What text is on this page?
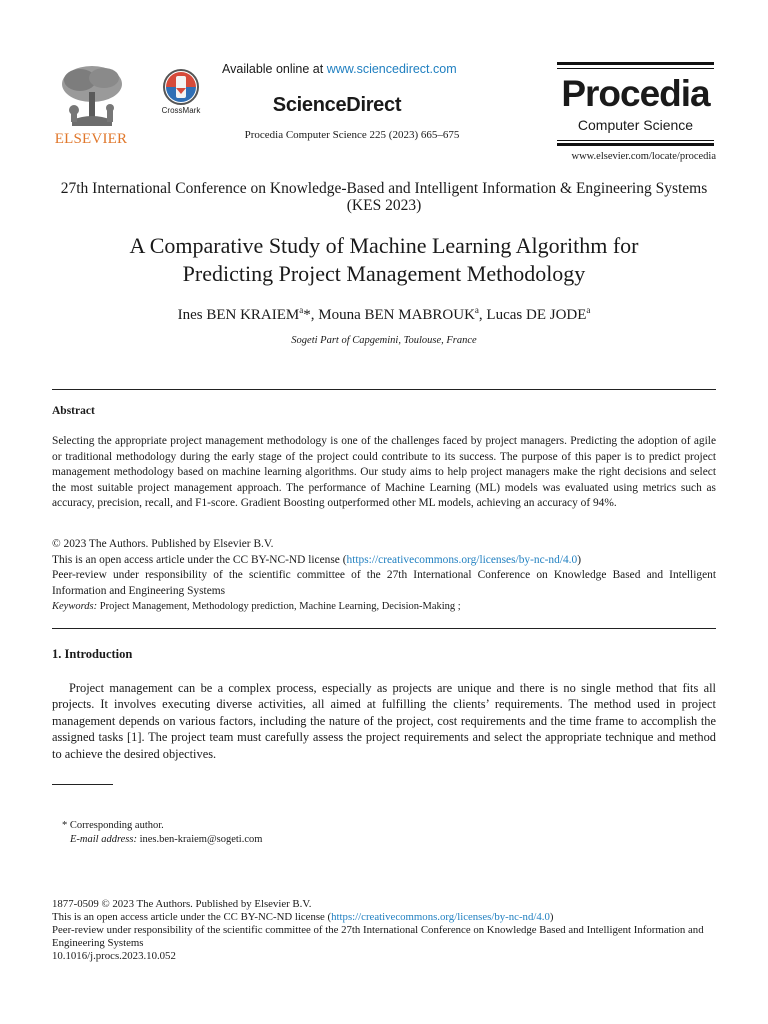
ELSEVIER
CrossMark
Available online at www.sciencedirect.com
ScienceDirect
Procedia Computer Science 225 (2023) 665–675
Procedia
Computer Science
www.elsevier.com/locate/procedia
27th International Conference on Knowledge-Based and Intelligent Information & Engineering Systems (KES 2023)
A Comparative Study of Machine Learning Algorithm for
Predicting Project Management Methodology
Ines BEN KRAIEM$^a$*, Mouna BEN MABROUK$^a$, Lucas DE JODE$^a$
Sogeti Part of Capgemini, Toulouse, France
Abstract
Selecting the appropriate project management methodology is one of the challenges faced by project managers. Predicting the adoption of agile or traditional methodology during the early stage of the project could contribute to its success. The purpose of this paper is to predict project management methodology based on machine learning algorithms. Our study aims to help project managers make the right decisions and select the most suitable project management approach. The performance of Machine Learning (ML) models was evaluated using metrics such as accuracy, precision, recall, and F1-score. Gradient Boosting outperformed other ML models, achieving an accuracy of 94%.
© 2023 The Authors. Published by Elsevier B.V.
This is an open access article under the CC BY-NC-ND license (https://creativecommons.org/licenses/by-nc-nd/4.0)
Peer-review under responsibility of the scientific committee of the 27th International Conference on Knowledge Based and Intelligent Information and Engineering Systems
Keywords: Project Management, Methodology prediction, Machine Learning, Decision-Making ;
1. Introduction
Project management can be a complex process, especially as projects are unique and there is no single method that fits all projects. It involves executing diverse activities, all aimed at fulfilling the clients’ requirements. The method used in project management depends on various factors, including the nature of the project, cost requirements and the time frame to accomplish the assigned tasks [1]. The project team must carefully assess the project requirements and select the appropriate technique and method to achieve the desired objectives.
* Corresponding author.
E-mail address: ines.ben-kraiem@sogeti.com
1877-0509 © 2023 The Authors. Published by Elsevier B.V.
This is an open access article under the CC BY-NC-ND license (https://creativecommons.org/licenses/by-nc-nd/4.0)
Peer-review under responsibility of the scientific committee of the 27th International Conference on Knowledge Based and Intelligent Information and Engineering Systems
10.1016/j.procs.2023.10.052
